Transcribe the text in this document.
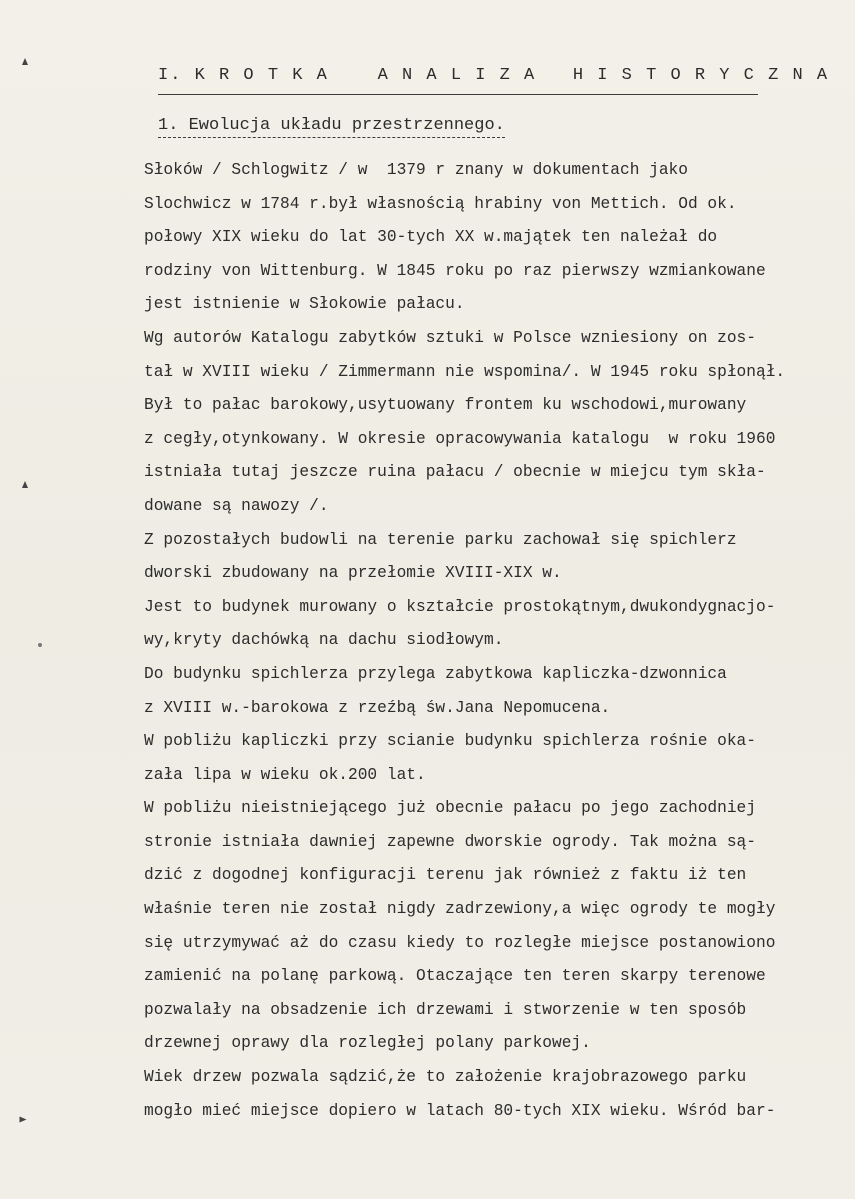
I. K R O T K A    A N A L I Z A   H I S T O R Y C Z N A
1. Ewolucja układu przestrzennego.
Słoków / Schlogwitz / w  1379 r znany w dokumentach jako
Slochwicz w 1784 r.był własnością hrabiny von Mettich. Od ok.
połowy XIX wieku do lat 30-tych XX w.majątek ten należał do
rodziny von Wittenburg. W 1845 roku po raz pierwszy wzmiankowane
jest istnienie w Słokowie pałacu.
Wg autorów Katalogu zabytków sztuki w Polsce wzniesiony on zos-
tał w XVIII wieku / Zimmermann nie wspomina/. W 1945 roku spłonął.
Był to pałac barokowy,usytuowany frontem ku wschodowi,murowany
z cegły,otynkowany. W okresie opracowywania katalogu  w roku 1960
istniała tutaj jeszcze ruina pałacu / obecnie w miejcu tym skła-
dowane są nawozy /.
Z pozostałych budowli na terenie parku zachował się spichlerz
dworski zbudowany na przełomie XVIII-XIX w.
Jest to budynek murowany o kształcie prostokątnym,dwukondygnacjo-
wy,kryty dachówką na dachu siodłowym.
Do budynku spichlerza przylega zabytkowa kapliczka-dzwonnica
z XVIII w.-barokowa z rzeźbą św.Jana Nepomucena.
W pobliżu kapliczki przy scianie budynku spichlerza rośnie oka-
zała lipa w wieku ok.200 lat.
W pobliżu nieistniejącego już obecnie pałacu po jego zachodniej
stronie istniała dawniej zapewne dworskie ogrody. Tak można są-
dzić z dogodnej konfiguracji terenu jak również z faktu iż ten
właśnie teren nie został nigdy zadrzewiony,a więc ogrody te mogły
się utrzymywać aż do czasu kiedy to rozległe miejsce postanowiono
zamienić na polanę parkową. Otaczające ten teren skarpy terenowe
pozwalały na obsadzenie ich drzewami i stworzenie w ten sposób
drzewnej oprawy dla rozległej polany parkowej.
Wiek drzew pozwala sądzić,że to założenie krajobrazowego parku
mogło mieć miejsce dopiero w latach 80-tych XIX wieku. Wśród bar-
